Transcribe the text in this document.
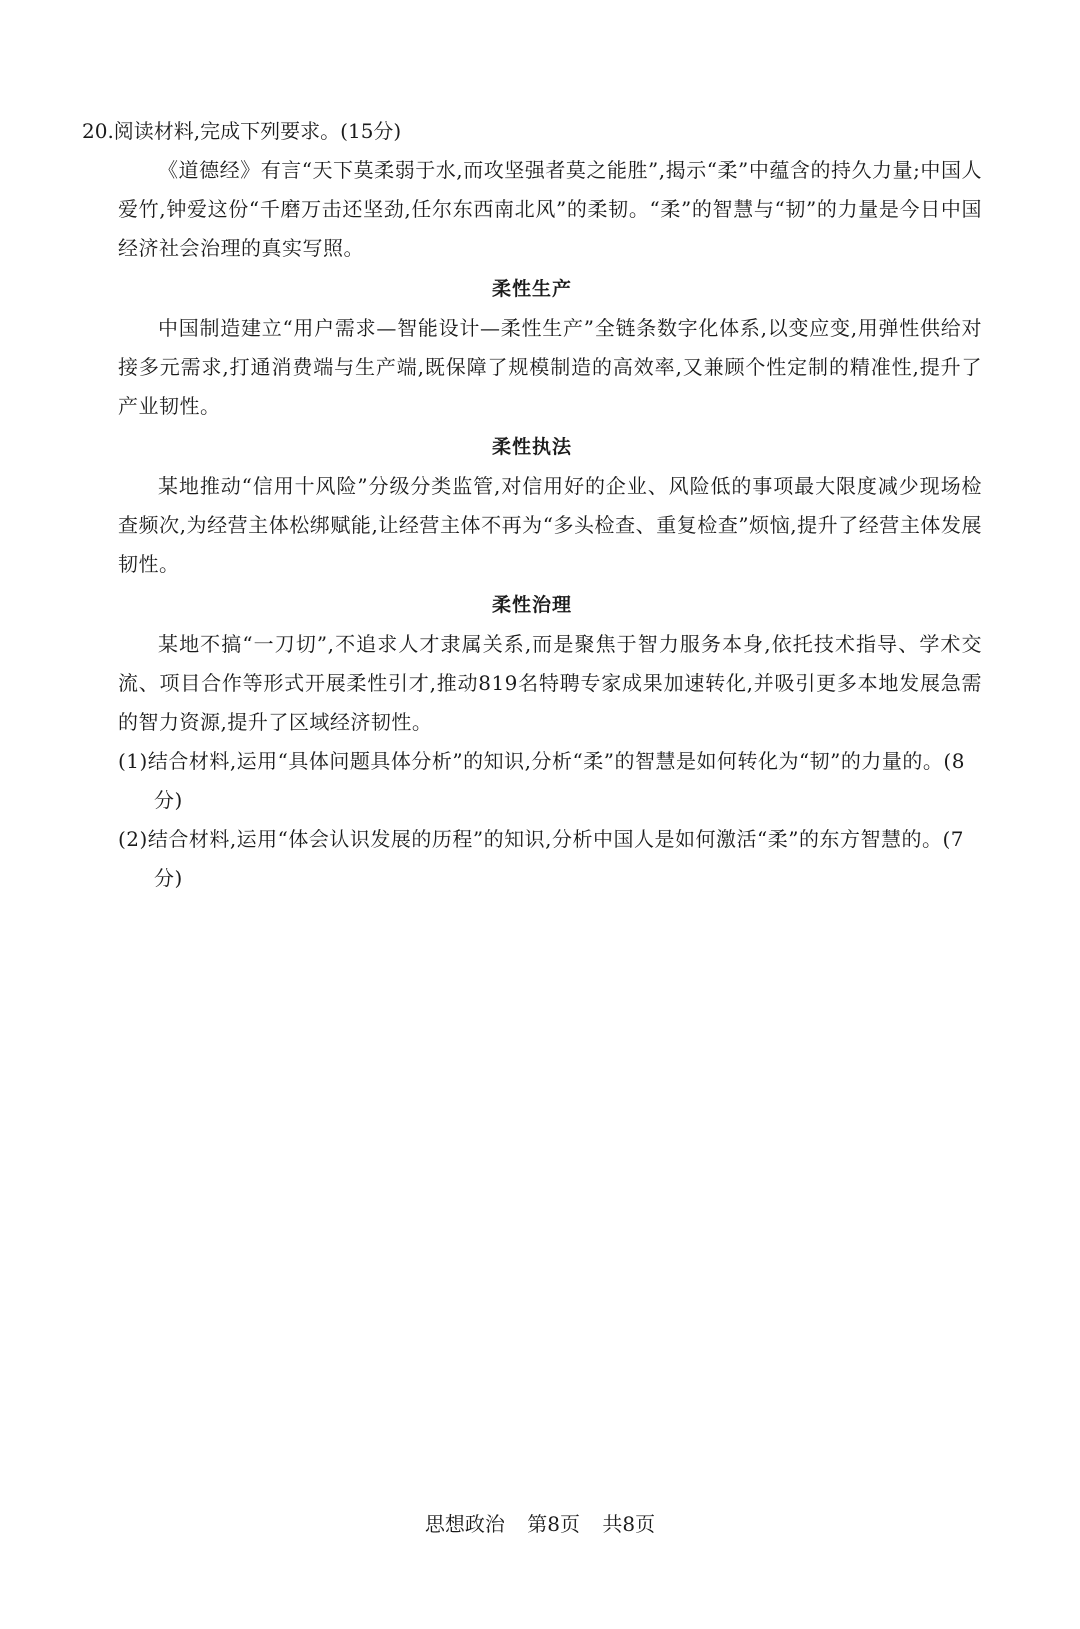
20.阅读材料,完成下列要求。(15分)

《道德经》有言“天下莫柔弱于水,而攻坚强者莫之能胜”,揭示“柔”中蕴含的持久力量;中国人爱竹,钟爱这份“千磨万击还坚劲,任尔东西南北风”的柔韧。“柔”的智慧与“韧”的力量是今日中国经济社会治理的真实写照。

柔性生产

中国制造建立“用户需求—智能设计—柔性生产”全链条数字化体系,以变应变,用弹性供给对接多元需求,打通消费端与生产端,既保障了规模制造的高效率,又兼顾个性定制的精准性,提升了产业韧性。

柔性执法

某地推动“信用十风险”分级分类监管,对信用好的企业、风险低的事项最大限度减少现场检查频次,为经营主体松绑赋能,让经营主体不再为“多头检查、重复检查”烦恼,提升了经营主体发展韧性。

柔性治理

某地不搞“一刀切”,不追求人才隶属关系,而是聚焦于智力服务本身,依托技术指导、学术交流、项目合作等形式开展柔性引才,推动819名特聘专家成果加速转化,并吸引更多本地发展急需的智力资源,提升了区域经济韧性。

(1)结合材料,运用“具体问题具体分析”的知识,分析“柔”的智慧是如何转化为“韧”的力量的。(8分)

(2)结合材料,运用“体会认识发展的历程”的知识,分析中国人是如何激活“柔”的东方智慧的。(7分)

思想政治 第8页 共8页
